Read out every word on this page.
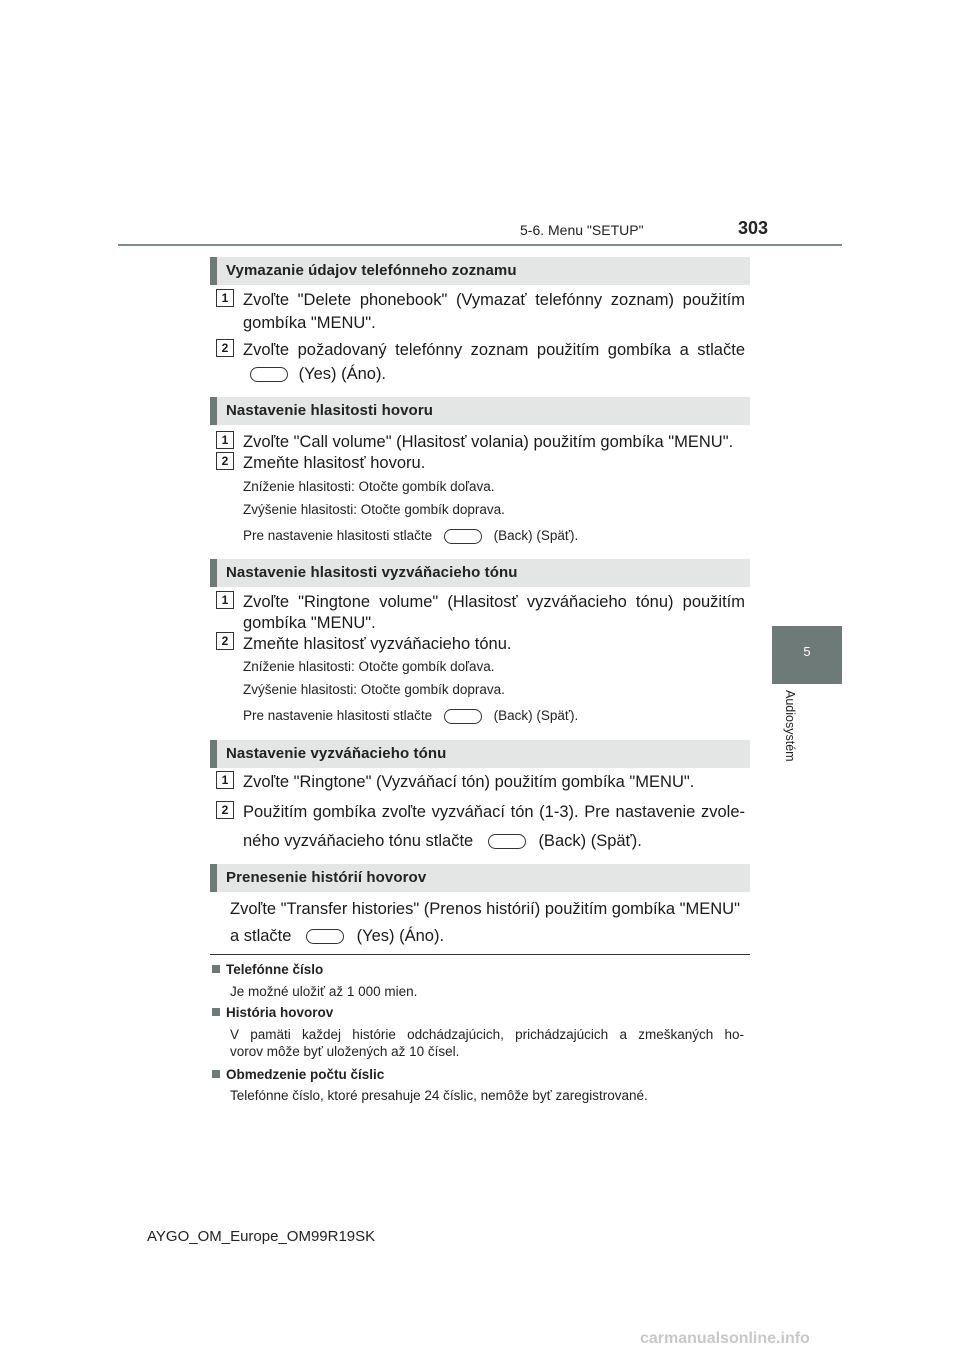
5-6. Menu "SETUP"	303
5
Audiosystém
Vymazanie údajov telefónneho zoznamu
1 Zvoľte "Delete phonebook" (Vymazať telefónny zoznam) použitím
gombíka "MENU".
2 Zvoľte požadovaný telefónny zoznam použitím gombíka a stlačte
(Yes) (Áno).
Nastavenie hlasitosti hovoru
1 Zvoľte "Call volume" (Hlasitosť volania) použitím gombíka "MENU".
2 Zmeňte hlasitosť hovoru.
Zníženie hlasitosti: Otočte gombík doľava.
Zvýšenie hlasitosti: Otočte gombík doprava.
Pre nastavenie hlasitosti stlačte	(Back) (Späť).
Nastavenie hlasitosti vyzváňacieho tónu
1 Zvoľte "Ringtone volume" (Hlasitosť vyzváňacieho tónu) použitím
gombíka "MENU".
2 Zmeňte hlasitosť vyzváňacieho tónu.
Zníženie hlasitosti: Otočte gombík doľava.
Zvýšenie hlasitosti: Otočte gombík doprava.
Pre nastavenie hlasitosti stlačte	(Back) (Späť).
Nastavenie vyzváňacieho tónu
1 Zvoľte "Ringtone" (Vyzváňací tón) použitím gombíka "MENU".
2 Použitím gombíka zvoľte vyzváňací tón (1-3). Pre nastavenie zvole-
ného vyzváňacieho tónu stlačte	(Back) (Späť).
Prenesenie histórií hovorov
Zvoľte "Transfer histories" (Prenos histórií) použitím gombíka "MENU"
a stlačte	(Yes) (Áno).
Telefónne číslo
Je možné uložiť až 1 000 mien.
História hovorov
V pamäti každej histórie odchádzajúcich, prichádzajúcich a zmeškaných ho-
vorov môže byť uložených až 10 čísel.
Obmedzenie počtu číslic
Telefónne číslo, ktoré presahuje 24 číslic, nemôže byť zaregistrované.
AYGO_OM_Europe_OM99R19SK
carmanualsonline.info
